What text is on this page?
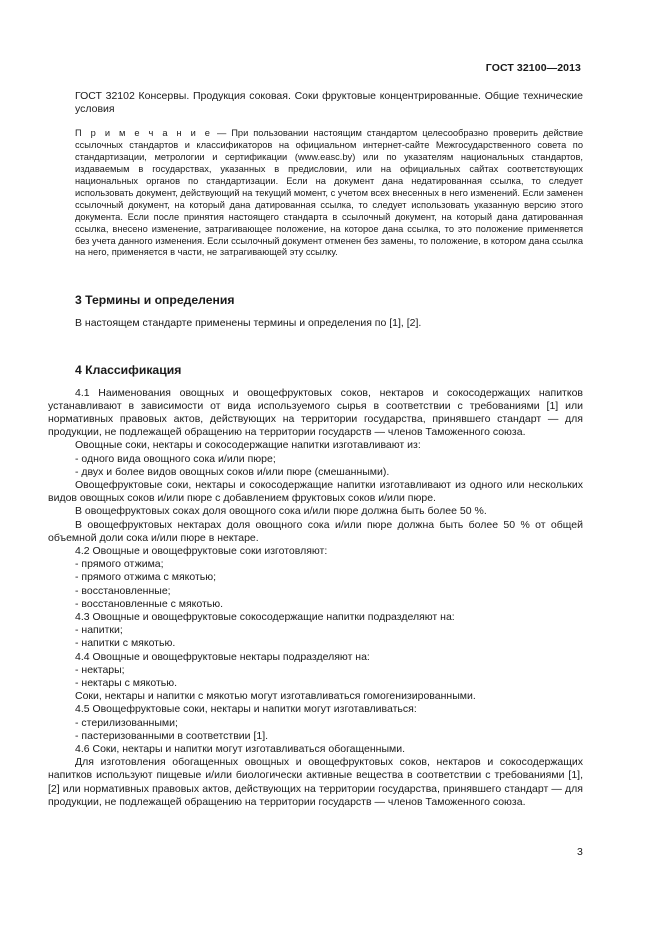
ГОСТ 32100—2013

ГОСТ 32102 Консервы. Продукция соковая. Соки фруктовые концентрированные. Общие технические условия

П р и м е ч а н и е — При пользовании настоящим стандартом целесообразно проверить действие ссылочных стандартов и классификаторов на официальном интернет-сайте Межгосударственного совета по стандартизации, метрологии и сертификации (www.easc.by) или по указателям национальных стандартов, издаваемым в государствах, указанных в предисловии, или на официальных сайтах соответствующих национальных органов по стандартизации. Если на документ дана недатированная ссылка, то следует использовать документ, действующий на текущий момент, с учетом всех внесенных в него изменений. Если заменен ссылочный документ, на который дана датированная ссылка, то следует использовать указанную версию этого документа. Если после принятия настоящего стандарта в ссылочный документ, на который дана датированная ссылка, внесено изменение, затрагивающее положение, на которое дана ссылка, то это положение применяется без учета данного изменения. Если ссылочный документ отменен без замены, то положение, в котором дана ссылка на него, применяется в части, не затрагивающей эту ссылку.

3 Термины и определения

В настоящем стандарте применены термины и определения по [1], [2].

4 Классификация

4.1 Наименования овощных и овощефруктовых соков, нектаров и сокосодержащих напитков устанавливают в зависимости от вида используемого сырья в соответствии с требованиями [1] или нормативных правовых актов, действующих на территории государства, принявшего стандарт — для продукции, не подлежащей обращению на территории государств — членов Таможенного союза.

Овощные соки, нектары и сокосодержащие напитки изготавливают из:

- одного вида овощного сока и/или пюре;

- двух и более видов овощных соков и/или пюре (смешанными).

Овощефруктовые соки, нектары и сокосодержащие напитки изготавливают из одного или нескольких видов овощных соков и/или пюре с добавлением фруктовых соков и/или пюре.

В овощефруктовых соках доля овощного сока и/или пюре должна быть более 50 %.

В овощефруктовых нектарах доля овощного сока и/или пюре должна быть более 50 % от общей объемной доли сока и/или пюре в нектаре.

4.2 Овощные и овощефруктовые соки изготовляют:

- прямого отжима;

- прямого отжима с мякотью;

- восстановленные;

- восстановленные с мякотью.

4.3 Овощные и овощефруктовые сокосодержащие напитки подразделяют на:

- напитки;

- напитки с мякотью.

4.4 Овощные и овощефруктовые нектары подразделяют на:

- нектары;

- нектары с мякотью.

Соки, нектары и напитки с мякотью могут изготавливаться гомогенизированными.

4.5 Овощефруктовые соки, нектары и напитки могут изготавливаться:

- стерилизованными;

- пастеризованными в соответствии [1].

4.6 Соки, нектары и напитки могут изготавливаться обогащенными.

Для изготовления обогащенных овощных и овощефруктовых соков, нектаров и сокосодержащих напитков используют пищевые и/или биологически активные вещества в соответствии с требованиями [1], [2] или нормативных правовых актов, действующих на территории государства, принявшего стандарт — для продукции, не подлежащей обращению на территории государств — членов Таможенного союза.

3
